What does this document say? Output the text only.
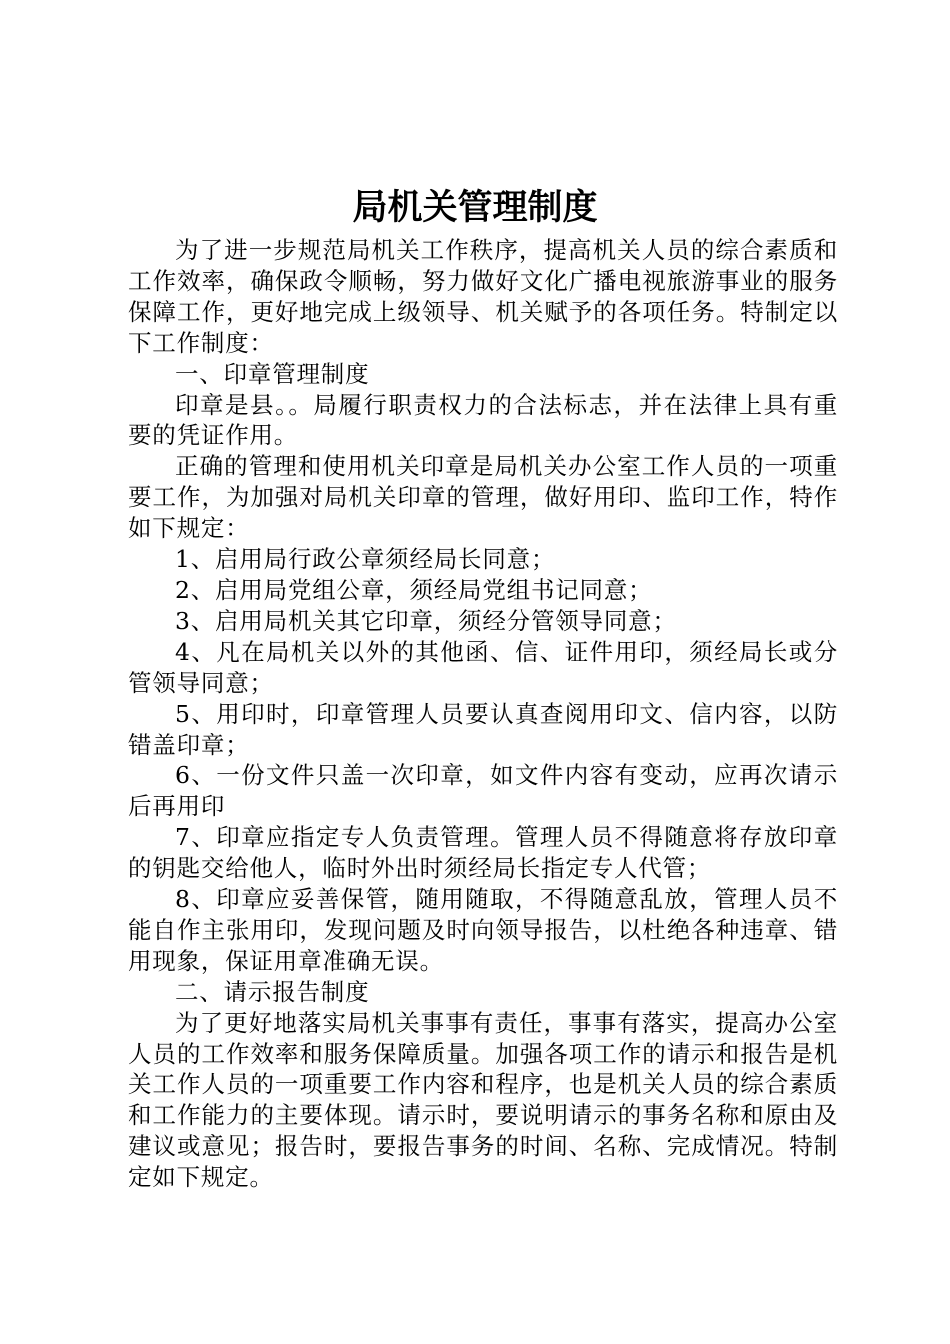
局机关管理制度

为了进一步规范局机关工作秩序，提高机关人员的综合素质和工作效率，确保政令顺畅，努力做好文化广播电视旅游事业的服务保障工作，更好地完成上级领导、机关赋予的各项任务。特制定以下工作制度：

一、印章管理制度

印章是县。。局履行职责权力的合法标志，并在法律上具有重要的凭证作用。

正确的管理和使用机关印章是局机关办公室工作人员的一项重要工作，为加强对局机关印章的管理，做好用印、监印工作，特作如下规定：

1、启用局行政公章须经局长同意；

2、启用局党组公章，须经局党组书记同意；

3、启用局机关其它印章，须经分管领导同意；

4、凡在局机关以外的其他函、信、证件用印，须经局长或分管领导同意；

5、用印时，印章管理人员要认真查阅用印文、信内容，以防错盖印章；

6、一份文件只盖一次印章，如文件内容有变动，应再次请示后再用印

7、印章应指定专人负责管理。管理人员不得随意将存放印章的钥匙交给他人，临时外出时须经局长指定专人代管；

8、印章应妥善保管，随用随取，不得随意乱放，管理人员不能自作主张用印，发现问题及时向领导报告，以杜绝各种违章、错用现象，保证用章准确无误。

二、请示报告制度

为了更好地落实局机关事事有责任，事事有落实，提高办公室人员的工作效率和服务保障质量。加强各项工作的请示和报告是机关工作人员的一项重要工作内容和程序，也是机关人员的综合素质和工作能力的主要体现。请示时，要说明请示的事务名称和原由及建议或意见；报告时，要报告事务的时间、名称、完成情况。特制定如下规定。
